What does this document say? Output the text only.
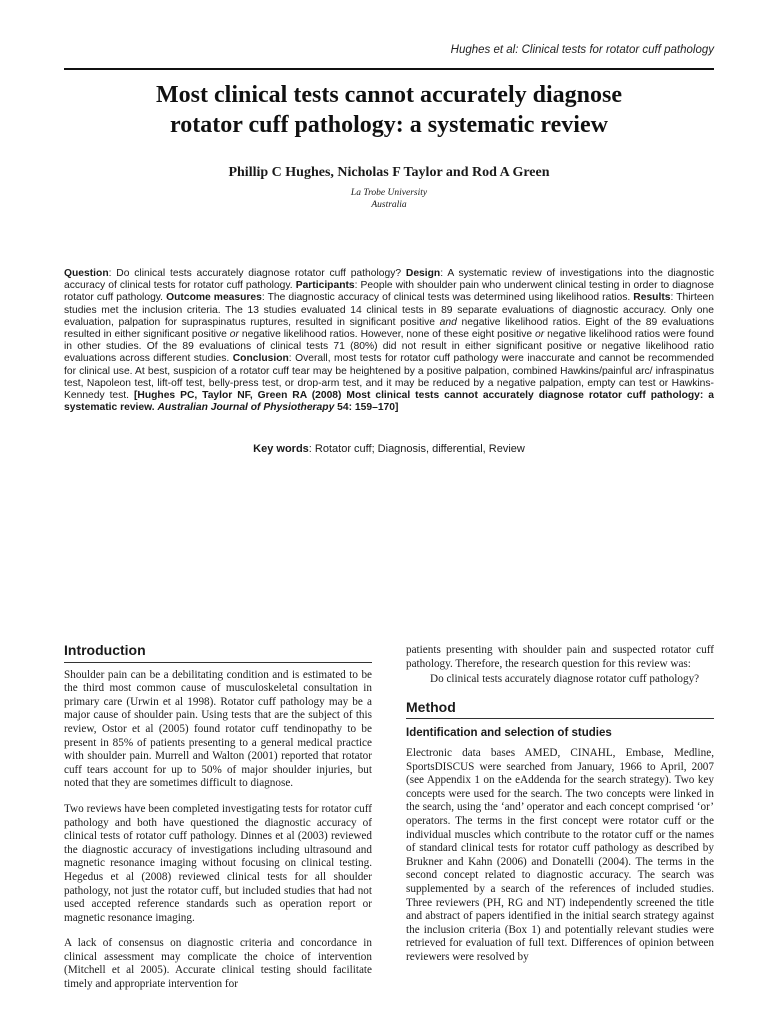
Hughes et al: Clinical tests for rotator cuff pathology
Most clinical tests cannot accurately diagnose
rotator cuff pathology: a systematic review
Phillip C Hughes, Nicholas F Taylor and Rod A Green
La Trobe University
Australia
Question: Do clinical tests accurately diagnose rotator cuff pathology? Design: A systematic review of investigations into the diagnostic accuracy of clinical tests for rotator cuff pathology. Participants: People with shoulder pain who underwent clinical testing in order to diagnose rotator cuff pathology. Outcome measures: The diagnostic accuracy of clinical tests was determined using likelihood ratios. Results: Thirteen studies met the inclusion criteria. The 13 studies evaluated 14 clinical tests in 89 separate evaluations of diagnostic accuracy. Only one evaluation, palpation for supraspinatus ruptures, resulted in significant positive and negative likelihood ratios. Eight of the 89 evaluations resulted in either significant positive or negative likelihood ratios. However, none of these eight positive or negative likelihood ratios were found in other studies. Of the 89 evaluations of clinical tests 71 (80%) did not result in either significant positive or negative likelihood ratio evaluations across different studies. Conclusion: Overall, most tests for rotator cuff pathology were inaccurate and cannot be recommended for clinical use. At best, suspicion of a rotator cuff tear may be heightened by a positive palpation, combined Hawkins/painful arc/ infraspinatus test, Napoleon test, lift-off test, belly-press test, or drop-arm test, and it may be reduced by a negative palpation, empty can test or Hawkins-Kennedy test. [Hughes PC, Taylor NF, Green RA (2008) Most clinical tests cannot accurately diagnose rotator cuff pathology: a systematic review. Australian Journal of Physiotherapy 54: 159–170]
Key words: Rotator cuff; Diagnosis, differential, Review
Introduction

Shoulder pain can be a debilitating condition and is estimated to be the third most common cause of musculoskeletal consultation in primary care (Urwin et al 1998). Rotator cuff pathology may be a major cause of shoulder pain. Using tests that are the subject of this review, Ostor et al (2005) found rotator cuff tendinopathy to be present in 85% of patients presenting to a general medical practice with shoulder pain. Murrell and Walton (2001) reported that rotator cuff tears account for up to 50% of major shoulder injuries, but noted that they are sometimes difficult to diagnose.

Two reviews have been completed investigating tests for rotator cuff pathology and both have questioned the diagnostic accuracy of clinical tests of rotator cuff pathology. Dinnes et al (2003) reviewed the diagnostic accuracy of investigations including ultrasound and magnetic resonance imaging without focusing on clinical testing. Hegedus et al (2008) reviewed clinical tests for all shoulder pathology, not just the rotator cuff, but included studies that had not used accepted reference standards such as operation report or magnetic resonance imaging.

A lack of consensus on diagnostic criteria and concordance in clinical assessment may complicate the choice of intervention (Mitchell et al 2005). Accurate clinical testing should facilitate timely and appropriate intervention for

patients presenting with shoulder pain and suspected rotator cuff pathology. Therefore, the research question for this review was:

Do clinical tests accurately diagnose rotator cuff pathology?

Method
Identification and selection of studies

Electronic data bases AMED, CINAHL, Embase, Medline, SportsDISCUS were searched from January, 1966 to April, 2007 (see Appendix 1 on the eAddenda for the search strategy). Two key concepts were used for the search. The two concepts were linked in the search, using the ‘and’ operator and each concept comprised ‘or’ operators. The terms in the first concept were rotator cuff or the individual muscles which contribute to the rotator cuff or the names of standard clinical tests for rotator cuff pathology as described by Brukner and Kahn (2006) and Donatelli (2004). The terms in the second concept related to diagnostic accuracy. The search was supplemented by a search of the references of included studies. Three reviewers (PH, RG and NT) independently screened the title and abstract of papers identified in the initial search strategy against the inclusion criteria (Box 1) and potentially relevant studies were retrieved for evaluation of full text. Differences of opinion between reviewers were resolved by
